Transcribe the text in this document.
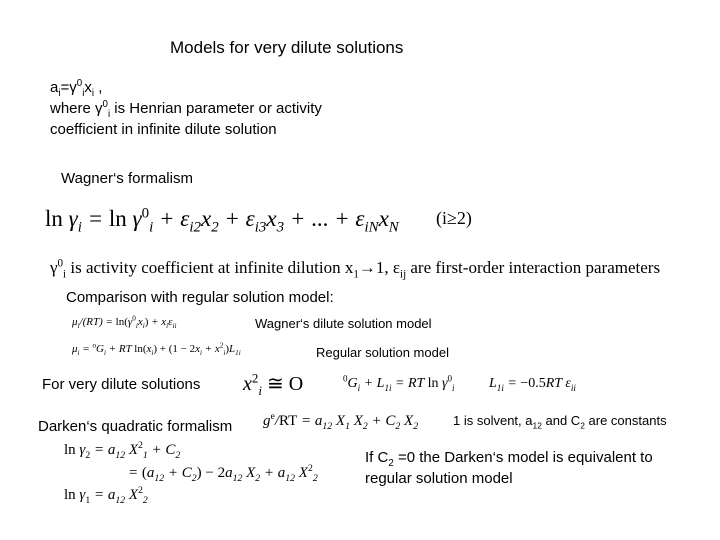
Models for very dilute solutions
$a_i=\gamma^0_ix_i$ ,
where $\gamma^0_i$ is Henrian parameter or activity
coefficient in infinite dilute solution
Wagner‘s formalism
$\ln \gamma_i = \ln \gamma^0_i + \varepsilon_{i2}x_2 + \varepsilon_{i3}x_3$ + ... + $\varepsilon_{iN}x_N$ (i≥2)
$\gamma^0_i$ is activity coefficient at infinite dilution $x_1\to 1$, $\varepsilon_{ij}$ are first-order interaction parameters
Comparison with regular solution model:
$\mu_i/(RT) = \ln(\gamma^0_ix_i) + x_i\varepsilon_{ii}$	Wagner‘s dilute solution model
$\mu_i = ^oG_i$ + RT $\ln(x_i) + (1 - 2x_i + x^2_i)L_{1i}$	Regular solution model
For very dilute solutions $x^2_i$ ≅ O	$^0G_i + L_{1i}$ = RT $\ln \gamma^0_i$ $L_{1i} = -0.5RT$ $\varepsilon_{ii}$
Darken‘s quadratic formalism $g^e/RT = a_{12}$ $X_1$ $X_2 + C_2$ $X_2$	1 is solvent, $a_{12}$ and $C_2$ are constants
$\ln \gamma_2 = a_{12}$ $X^2_1 + C_2$
= $(a_{12} + C_2) - 2a_{12}$ $X_2 + a_{12}$ $X^2_2$
$\ln \gamma_1 = a_{12}$ $X^2_2$
If $C_2 =0$ the Darken‘s model is equivalent to
regular solution model
